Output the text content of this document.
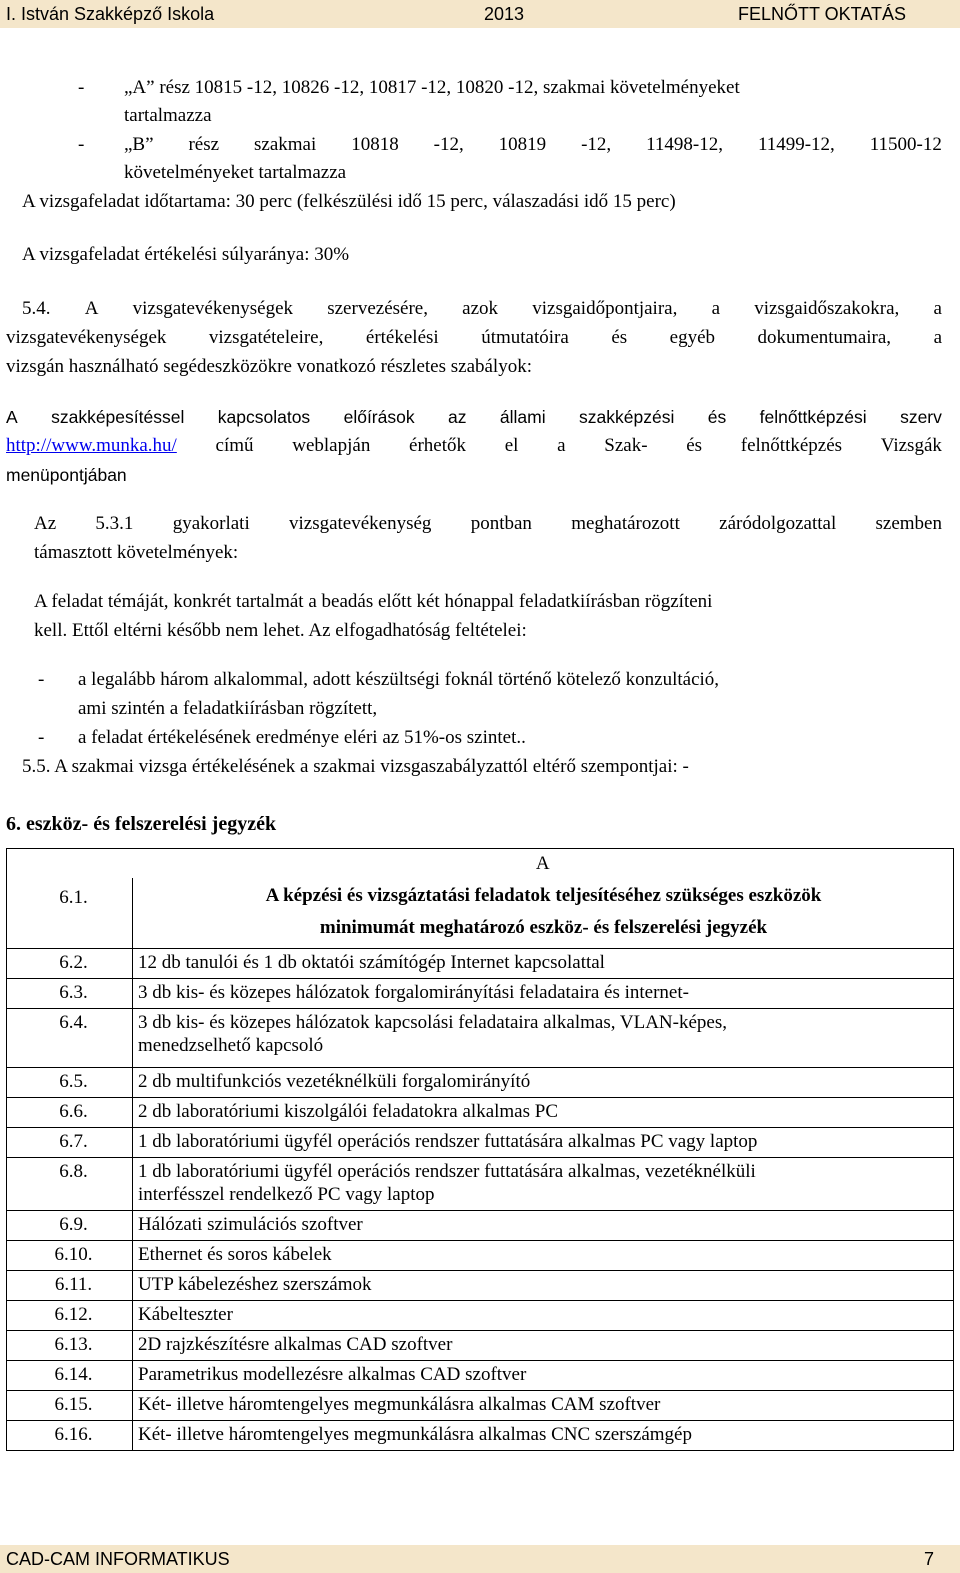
I. István Szakképző Iskola	2013	FELNŐTT OKTATÁS
- „A” rész 10815 -12, 10826 -12, 10817 -12, 10820 -12, szakmai követelményeket
tartalmazza
- „B” rész szakmai 10818 -12, 10819 -12, 11498-12, 11499-12, 11500-12
követelményeket tartalmazza
A vizsgafeladat időtartama: 30 perc (felkészülési idő 15 perc, válaszadási idő 15 perc)
A vizsgafeladat értékelési súlyaránya: 30%
5.4. A vizsgatevékenységek szervezésére, azok vizsgaidőpontjaira, a vizsgaidőszakokra, a
vizsgatevékenységek vizsgatételeire, értékelési útmutatóira és egyéb dokumentumaira, a
vizsgán használható segédeszközökre vonatkozó részletes szabályok:
A szakképesítéssel kapcsolatos előírások az állami szakképzési és felnőttképzési szerv
http://www.munka.hu/ című weblapján érhetők el a Szak- és felnőttképzés Vizsgák
menüpontjában
Az 5.3.1 gyakorlati vizsgatevékenység pontban meghatározott záródolgozattal szemben
támasztott követelmények:
A feladat témáját, konkrét tartalmát a beadás előtt két hónappal feladatkiírásban rögzíteni
kell. Ettől eltérni később nem lehet. Az elfogadhatóság feltételei:
- a legalább három alkalommal, adott készültségi foknál történő kötelező konzultáció,
ami szintén a feladatkiírásban rögzített,
- a feladat értékelésének eredménye eléri az 51%-os szintet..
5.5. A szakmai vizsga értékelésének a szakmai vizsgaszabályzattól eltérő szempontjai: -
6. eszköz- és felszerelési jegyzék
	A
6.1.	A képzési és vizsgáztatási feladatok teljesítéséhez szükséges eszközök
minimumát meghatározó eszköz- és felszerelési jegyzék

6.2.	12 db tanulói és 1 db oktatói számítógép Internet kapcsolattal
6.3.	3 db kis- és közepes hálózatok forgalomirányítási feladataira és internet-
6.4.	3 db kis- és közepes hálózatok kapcsolási feladataira alkalmas, VLAN-képes,
menedzselhető kapcsoló

6.5.	2 db multifunkciós vezetéknélküli forgalomirányító
6.6.	2 db laboratóriumi kiszolgálói feladatokra alkalmas PC
6.7.	1 db laboratóriumi ügyfél operációs rendszer futtatására alkalmas PC vagy laptop
6.8.	1 db laboratóriumi ügyfél operációs rendszer futtatására alkalmas, vezetéknélküli
interfésszel rendelkező PC vagy laptop

6.9.	Hálózati szimulációs szoftver
6.10.	Ethernet és soros kábelek
6.11.	UTP kábelezéshez szerszámok
6.12.	Kábelteszter
6.13.	2D rajzkészítésre alkalmas CAD szoftver
6.14.	Parametrikus modellezésre alkalmas CAD szoftver
6.15.	Két- illetve háromtengelyes megmunkálásra alkalmas CAM szoftver
6.16.	Két- illetve háromtengelyes megmunkálásra alkalmas CNC szerszámgép
CAD-CAM INFORMATIKUS	7
